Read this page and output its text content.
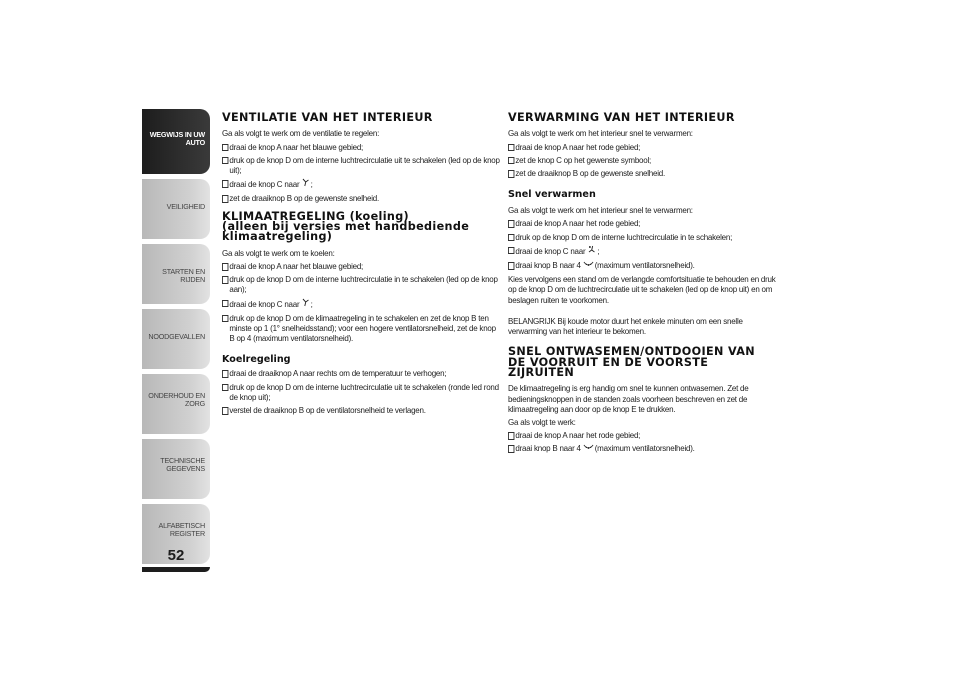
WEGWIJS IN UW AUTO
VEILIGHEID
STARTEN EN RIJDEN
NOODGEVALLEN
ONDERHOUD EN ZORG
TECHNISCHE GEGEVENS
ALFABETISCH REGISTER
52
VENTILATIE VAN HET INTERIEUR

Ga als volgt te werk om de ventilatie te regelen:

draai de knop A naar het blauwe gebied;

druk op de knop D om de interne luchtrecirculatie uit te schakelen (led op de knop uit);

draai de knop C naar ;

zet de draaiknop B op de gewenste snelheid.

KLIMAATREGELING (koeling)
(alleen bij versies met handbediende
klimaatregeling)

Ga als volgt te werk om te koelen:

draai de knop A naar het blauwe gebied;

druk op de knop D om de interne luchtrecirculatie in te schakelen (led op de knop aan);

draai de knop C naar ;

druk op de knop D om de klimaatregeling in te schakelen en zet de knop B ten minste op 1 (1° snelheidsstand); voor een hogere ventilatorsnelheid, zet de knop B op 4 (maximum ventilatorsnelheid).

Koelregeling

draai de draaiknop A naar rechts om de temperatuur te verhogen;

druk op de knop D om de interne luchtrecirculatie uit te schakelen (ronde led rond de knop uit);

verstel de draaiknop B op de ventilatorsnelheid te verlagen.

VERWARMING VAN HET INTERIEUR

Ga als volgt te werk om het interieur snel te verwarmen:

draai de knop A naar het rode gebied;

zet de knop C op het gewenste symbool;

zet de draaiknop B op de gewenste snelheid.

Snel verwarmen

Ga als volgt te werk om het interieur snel te verwarmen:

draai de knop A naar het rode gebied;

druk op de knop D om de interne luchtrecirculatie in te schakelen;

draai de knop C naar ;

draai knop B naar 4 (maximum ventilatorsnelheid).

Kies vervolgens een stand om de verlangde comfortsituatie te behouden en druk op de knop D om de luchtrecirculatie uit te schakelen (led op de knop uit) en om beslagen ruiten te voorkomen.

BELANGRIJK Bij koude motor duurt het enkele minuten om een snelle verwarming van het interieur te bekomen.

SNEL ONTWASEMEN/ONTDOOIEN VAN
DE VOORRUIT EN DE VOORSTE
ZIJRUITEN

De klimaatregeling is erg handig om snel te kunnen ontwasemen. Zet de bedieningsknoppen in de standen zoals voorheen beschreven en zet de klimaatregeling aan door op de knop E te drukken.

Ga als volgt te werk:

draai de knop A naar het rode gebied;

draai knop B naar 4 (maximum ventilatorsnelheid).
